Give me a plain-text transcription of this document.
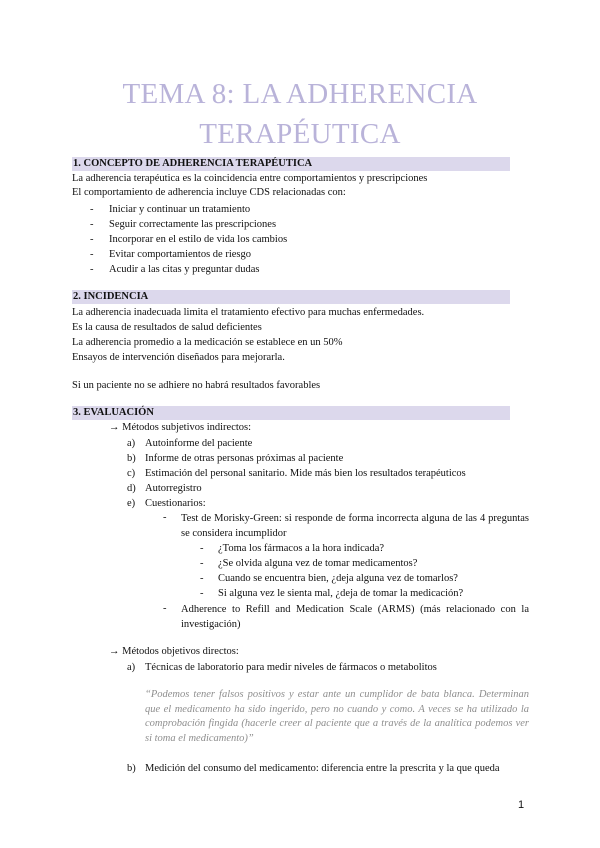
TEMA 8: LA ADHERENCIA
TERAPÉUTICA
1. CONCEPTO DE ADHERENCIA TERAPÉUTICA
La adherencia terapéutica es la coincidencia entre comportamientos y prescripciones
El comportamiento de adherencia incluye CDS relacionadas con:
- Iniciar y continuar un tratamiento
- Seguir correctamente las prescripciones
- Incorporar en el estilo de vida los cambios
- Evitar comportamientos de riesgo
- Acudir a las citas y preguntar dudas
2. INCIDENCIA
La adherencia inadecuada limita el tratamiento efectivo para muchas enfermedades.
Es la causa de resultados de salud deficientes
La adherencia promedio a la medicación se establece en un 50%
Ensayos de intervención diseñados para mejorarla.
Si un paciente no se adhiere no habrá resultados favorables
3. EVALUACIÓN
→ Métodos subjetivos indirectos:
a) Autoinforme del paciente
b) Informe de otras personas próximas al paciente
c) Estimación del personal sanitario. Mide más bien los resultados terapéuticos
d) Autorregistro
e) Cuestionarios:
- Test de Morisky-Green: si responde de forma incorrecta alguna de las 4 preguntas se considera incumplidor
- ¿Toma los fármacos a la hora indicada?
- ¿Se olvida alguna vez de tomar medicamentos?
- Cuando se encuentra bien, ¿deja alguna vez de tomarlos?
- Si alguna vez le sienta mal, ¿deja de tomar la medicación?
- Adherence to Refill and Medication Scale (ARMS) (más relacionado con la investigación)
→ Métodos objetivos directos:
a) Técnicas de laboratorio para medir niveles de fármacos o metabolitos
“Podemos tener falsos positivos y estar ante un cumplidor de bata blanca. Determinan que el medicamento ha sido ingerido, pero no cuando y como. A veces se ha utilizado la comprobación fingida (hacerle creer al paciente que a través de la analítica podemos ver si toma el medicamento)”
b) Medición del consumo del medicamento: diferencia entre la prescrita y la que queda
1
